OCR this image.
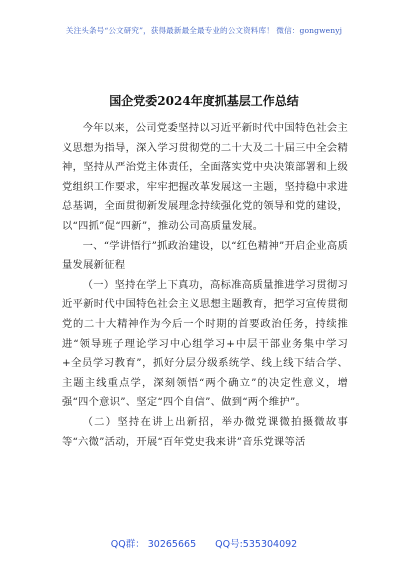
关注头条号“公文研究”，获得最新最全最专业的公文资料库！ 微信：gongwenyj
国企党委2024年度抓基层工作总结

今年以来，公司党委坚持以习近平新时代中国特色社会主义思想为指导，深入学习贯彻党的二十大及二十届三中全会精神，坚持从严治党主体责任，全面落实党中央决策部署和上级党组织工作要求，牢牢把握改革发展这一主题，坚持稳中求进总基调，全面贯彻新发展理念持续强化党的领导和党的建设，以“四抓”促“四新”，推动公司高质量发展。

一、“学讲悟行”抓政治建设，以“红色精神”开启企业高质量发展新征程

（一）坚持在学上下真功，高标准高质量推进学习贯彻习近平新时代中国特色社会主义思想主题教育，把学习宣传贯彻党的二十大精神作为今后一个时期的首要政治任务，持续推进“领导班子理论学习中心组学习+中层干部业务集中学习+全员学习教育”，抓好分层分级系统学、线上线下结合学、主题主线重点学，深刻领悟“两个确立”的决定性意义，增强“四个意识”、坚定“四个自信”、做到“两个维护”。

（二）坚持在讲上出新招，举办微党课微拍摄微故事等“六微”活动，开展“百年党史我来讲”音乐党课等活

QQ群： 30265665 QQ号:535304092
